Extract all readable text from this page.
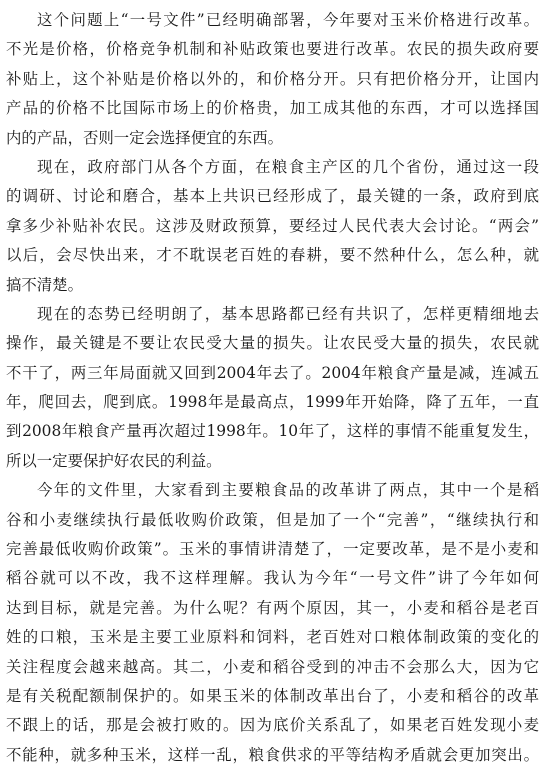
这个问题上“一号文件”已经明确部署，今年要对玉米价格进行改革。
不光是价格，价格竞争机制和补贴政策也要进行改革。农民的损失政府要
补贴上，这个补贴是价格以外的，和价格分开。只有把价格分开，让国内
产品的价格不比国际市场上的价格贵，加工成其他的东西，才可以选择国
内的产品，否则一定会选择便宜的东西。
现在，政府部门从各个方面，在粮食主产区的几个省份，通过这一段
的调研、讨论和磨合，基本上共识已经形成了，最关键的一条，政府到底
拿多少补贴补农民。这涉及财政预算，要经过人民代表大会讨论。“两会”
以后，会尽快出来，才不耽误老百姓的春耕，要不然种什么，怎么种，就
搞不清楚。
现在的态势已经明朗了，基本思路都已经有共识了，怎样更精细地去
操作，最关键是不要让农民受大量的损失。让农民受大量的损失，农民就
不干了，两三年局面就又回到2004年去了。2004年粮食产量是减，连减五
年，爬回去，爬到底。1998年是最高点，1999年开始降，降了五年，一直
到2008年粮食产量再次超过1998年。10年了，这样的事情不能重复发生，
所以一定要保护好农民的利益。
今年的文件里，大家看到主要粮食品的改革讲了两点，其中一个是稻
谷和小麦继续执行最低收购价政策，但是加了一个“完善”，“继续执行和
完善最低收购价政策”。玉米的事情讲清楚了，一定要改革，是不是小麦和
稻谷就可以不改，我不这样理解。我认为今年“一号文件”讲了今年如何
达到目标，就是完善。为什么呢？有两个原因，其一，小麦和稻谷是老百
姓的口粮，玉米是主要工业原料和饲料，老百姓对口粮体制政策的变化的
关注程度会越来越高。其二，小麦和稻谷受到的冲击不会那么大，因为它
是有关税配额制保护的。如果玉米的体制改革出台了，小麦和稻谷的改革
不跟上的话，那是会被打败的。因为底价关系乱了，如果老百姓发现小麦
不能种，就多种玉米，这样一乱，粮食供求的平等结构矛盾就会更加突出。
